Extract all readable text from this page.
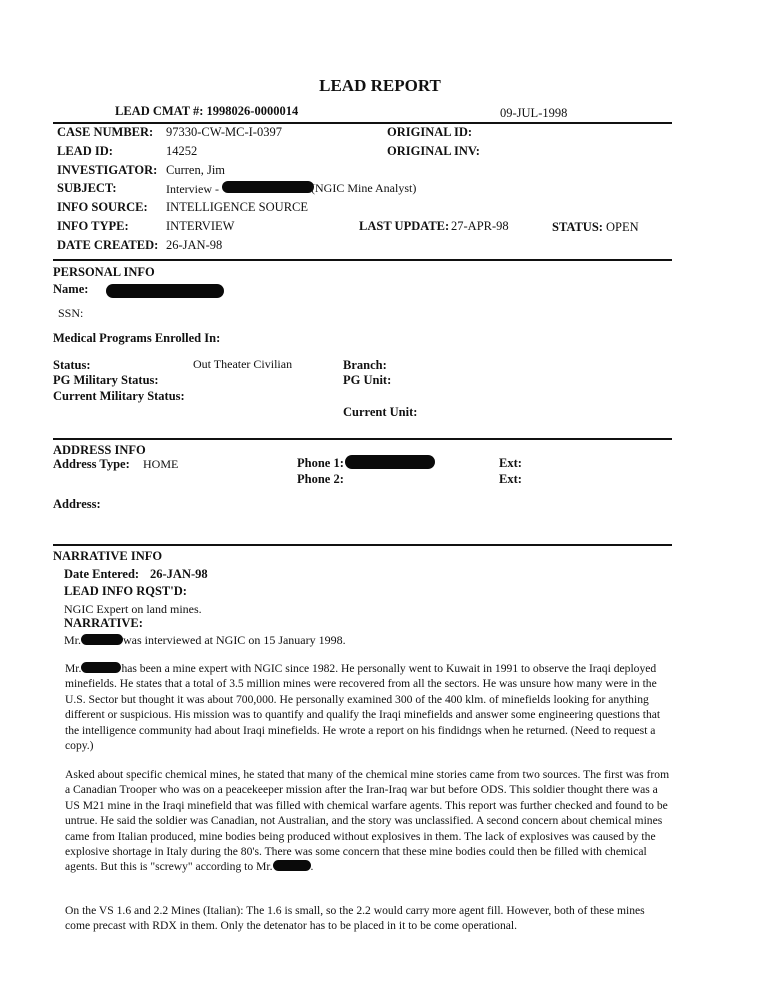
LEAD REPORT
LEAD CMAT #: 1998026-0000014	09-JUL-1998
CASE NUMBER: 97330-CW-MC-I-0397	ORIGINAL ID:
LEAD ID:	14252	ORIGINAL INV:
INVESTIGATOR: Curren, Jim
SUBJECT:	Interview -	(NGIC Mine Analyst)
INFO SOURCE: INTELLIGENCE SOURCE
INFO TYPE:	INTERVIEW	LAST UPDATE: 27-APR-98	STATUS: OPEN
DATE CREATED: 26-JAN-98
PERSONAL INFO
Name:
SSN:
Medical Programs Enrolled In:
Status:	Out Theater Civilian	Branch:
PG Military Status:	PG Unit:
Current Military Status:
Current Unit:
ADDRESS INFO
Address Type: HOME	Phone 1:	Ext:
Phone 2:	Ext:
Address:
NARRATIVE INFO
Date Entered: 26-JAN-98
LEAD INFO RQST'D:
NGIC Expert on land mines.
NARRATIVE:
Mr.	was interviewed at NGIC on 15 January 1998.

Mr.	has been a mine expert with NGIC since 1982. He personally went to Kuwait in 1991 to observe the Iraqi deployed minefields. He states that a total of 3.5 million mines were recovered from all the sectors. He was unsure how many were in the U.S. Sector but thought it was about 700,000. He personally examined 300 of the 400 klm. of minefields looking for anything different or suspicious. His mission was to quantify and qualify the Iraqi minefields and answer some engineering questions that the intelligence community had about Iraqi minefields. He wrote a report on his findidngs when he returned. (Need to request a copy.)

Asked about specific chemical mines, he stated that many of the chemical mine stories came from two sources. The first was from a Canadian Trooper who was on a peacekeeper mission after the Iran-Iraq war but before ODS. This soldier thought there was a US M21 mine in the Iraqi minefield that was filled with chemical warfare agents. This report was further checked and found to be untrue. He said the soldier was Canadian, not Australian, and the story was unclassified. A second concern about chemical mines came from Italian produced, mine bodies being produced without explosives in them. The lack of explosives was caused by the explosive shortage in Italy during the 80's. There was some concern that these mine bodies could then be filled with chemical agents. But this is "screwy" according to Mr.	.

On the VS 1.6 and 2.2 Mines (Italian): The 1.6 is small, so the 2.2 would carry more agent fill. However, both of these mines come precast with RDX in them. Only the detenator has to be placed in it to be come operational.
